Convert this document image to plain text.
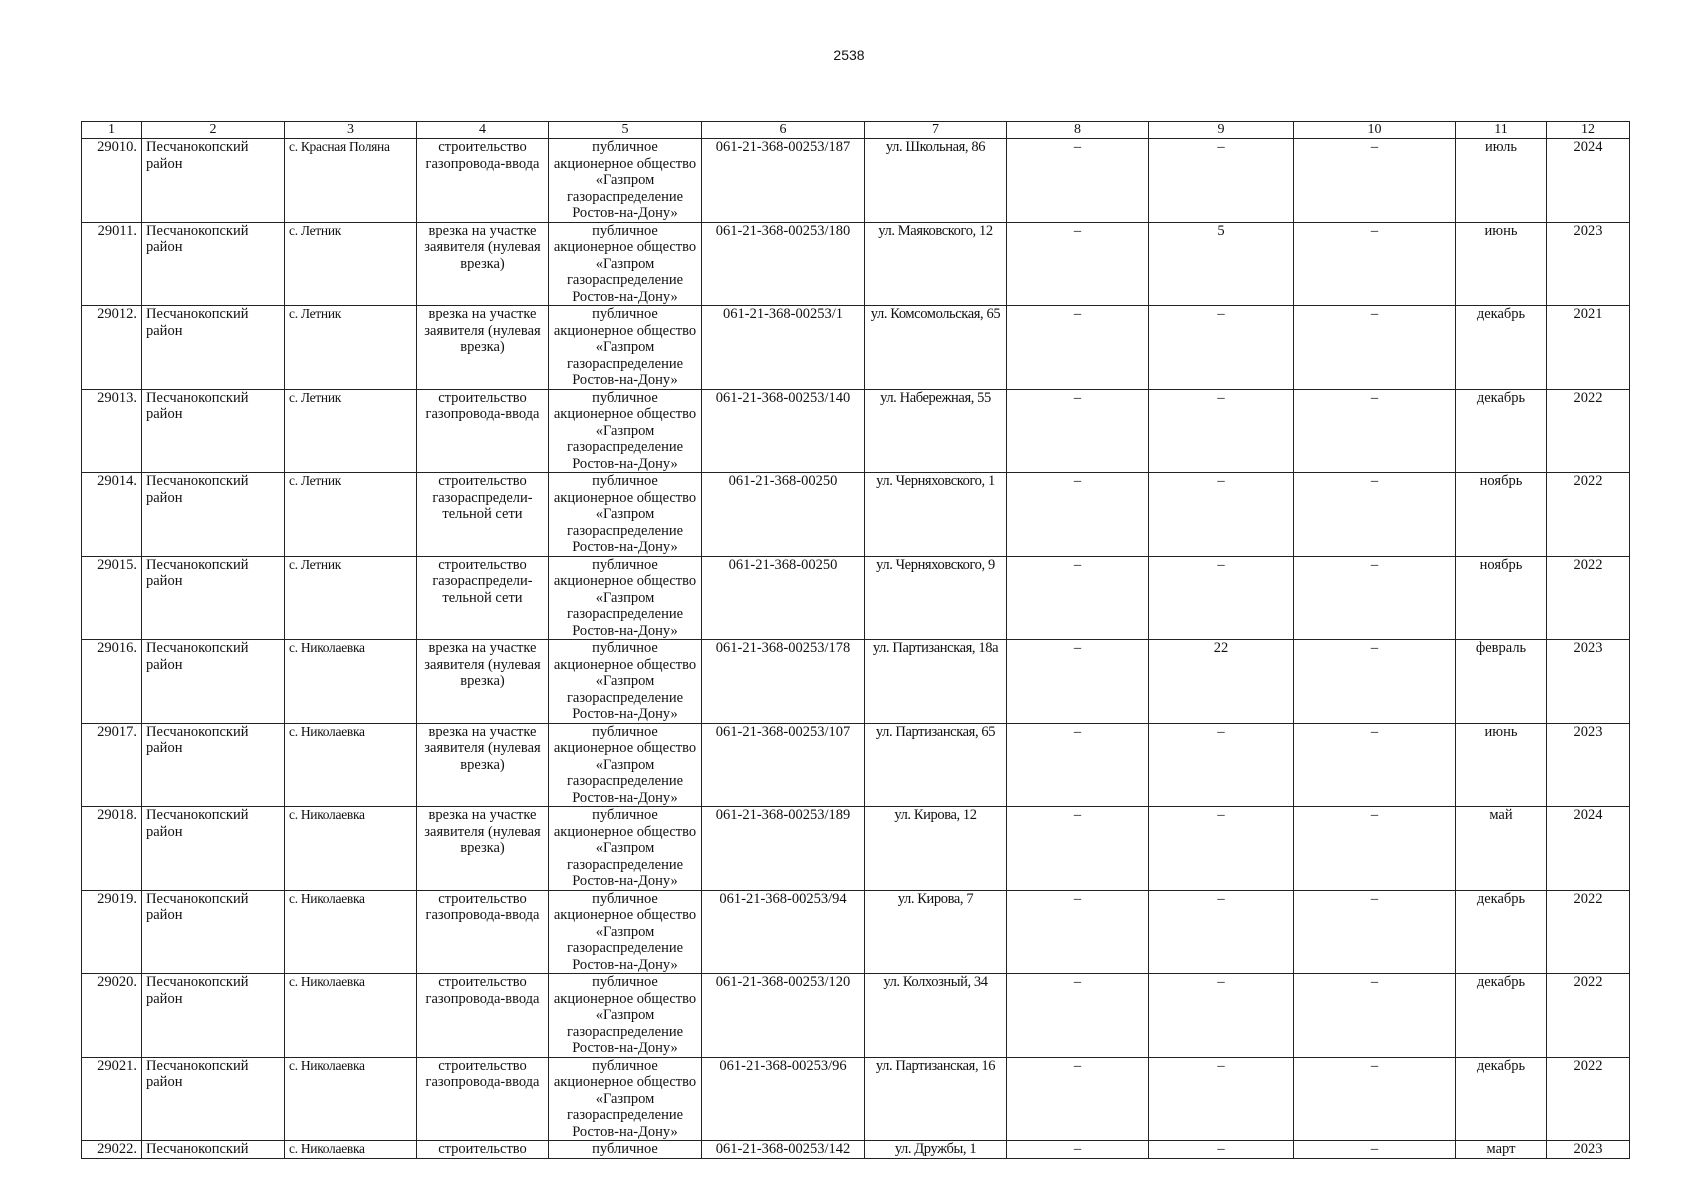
2538
1	2	3	4	5	6	7	8	9	10	11	12
29010.	Песчанокопский район	с. Красная Поляна	строительство газопровода-ввода	публичное акционерное общество «Газпром газораспределение Ростов-на-Дону»	061-21-368-00253/187	ул. Школьная, 86	–	–	–	июль	2024
29011.	Песчанокопский район	с. Летник	врезка на участке заявителя (нулевая врезка)	публичное акционерное общество «Газпром газораспределение Ростов-на-Дону»	061-21-368-00253/180	ул. Маяковского, 12	–	5	–	июнь	2023
29012.	Песчанокопский район	с. Летник	врезка на участке заявителя (нулевая врезка)	публичное акционерное общество «Газпром газораспределение Ростов-на-Дону»	061-21-368-00253/1	ул. Комсомольская, 65	–	–	–	декабрь	2021
29013.	Песчанокопский район	с. Летник	строительство газопровода-ввода	публичное акционерное общество «Газпром газораспределение Ростов-на-Дону»	061-21-368-00253/140	ул. Набережная, 55	–	–	–	декабрь	2022
29014.	Песчанокопский район	с. Летник	строительство газораспредели-тельной сети	публичное акционерное общество «Газпром газораспределение Ростов-на-Дону»	061-21-368-00250	ул. Черняховского, 1	–	–	–	ноябрь	2022
29015.	Песчанокопский район	с. Летник	строительство газораспредели-тельной сети	публичное акционерное общество «Газпром газораспределение Ростов-на-Дону»	061-21-368-00250	ул. Черняховского, 9	–	–	–	ноябрь	2022
29016.	Песчанокопский район	с. Николаевка	врезка на участке заявителя (нулевая врезка)	публичное акционерное общество «Газпром газораспределение Ростов-на-Дону»	061-21-368-00253/178	ул. Партизанская, 18а	–	22	–	февраль	2023
29017.	Песчанокопский район	с. Николаевка	врезка на участке заявителя (нулевая врезка)	публичное акционерное общество «Газпром газораспределение Ростов-на-Дону»	061-21-368-00253/107	ул. Партизанская, 65	–	–	–	июнь	2023
29018.	Песчанокопский район	с. Николаевка	врезка на участке заявителя (нулевая врезка)	публичное акционерное общество «Газпром газораспределение Ростов-на-Дону»	061-21-368-00253/189	ул. Кирова, 12	–	–	–	май	2024
29019.	Песчанокопский район	с. Николаевка	строительство газопровода-ввода	публичное акционерное общество «Газпром газораспределение Ростов-на-Дону»	061-21-368-00253/94	ул. Кирова, 7	–	–	–	декабрь	2022
29020.	Песчанокопский район	с. Николаевка	строительство газопровода-ввода	публичное акционерное общество «Газпром газораспределение Ростов-на-Дону»	061-21-368-00253/120	ул. Колхозный, 34	–	–	–	декабрь	2022
29021.	Песчанокопский район	с. Николаевка	строительство газопровода-ввода	публичное акционерное общество «Газпром газораспределение Ростов-на-Дону»	061-21-368-00253/96	ул. Партизанская, 16	–	–	–	декабрь	2022
29022.	Песчанокопский	с. Николаевка	строительство	публичное	061-21-368-00253/142	ул. Дружбы, 1	–	–	–	март	2023
